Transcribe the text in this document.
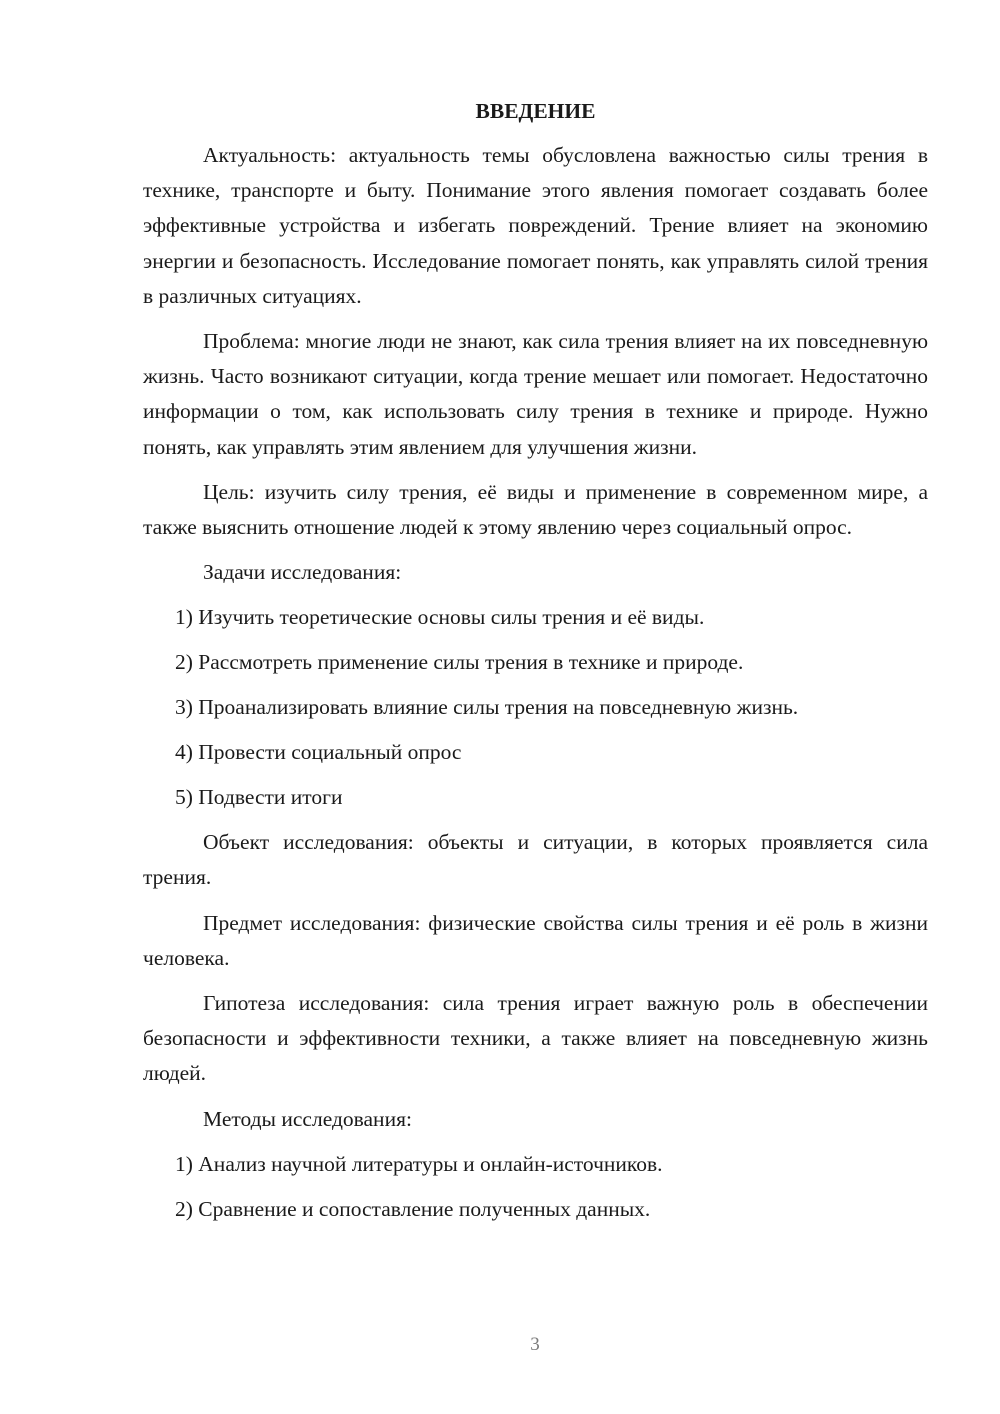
ВВЕДЕНИЕ

Актуальность: актуальность темы обусловлена важностью силы трения в технике, транспорте и быту. Понимание этого явления помогает создавать более эффективные устройства и избегать повреждений. Трение влияет на экономию энергии и безопасность. Исследование помогает понять, как управлять силой трения в различных ситуациях.

Проблема: многие люди не знают, как сила трения влияет на их повседневную жизнь. Часто возникают ситуации, когда трение мешает или помогает. Недостаточно информации о том, как использовать силу трения в технике и природе. Нужно понять, как управлять этим явлением для улучшения жизни.

Цель: изучить силу трения, её виды и применение в современном мире, а также выяснить отношение людей к этому явлению через социальный опрос.

Задачи исследования:

1) Изучить теоретические основы силы трения и её виды.
2) Рассмотреть применение силы трения в технике и природе.
3) Проанализировать влияние силы трения на повседневную жизнь.
4) Провести социальный опрос
5) Подвести итоги

Объект исследования: объекты и ситуации, в которых проявляется сила трения.

Предмет исследования: физические свойства силы трения и её роль в жизни человека.

Гипотеза исследования: сила трения играет важную роль в обеспечении безопасности и эффективности техники, а также влияет на повседневную жизнь людей.

Методы исследования:

1) Анализ научной литературы и онлайн-источников.
2) Сравнение и сопоставление полученных данных.
3
